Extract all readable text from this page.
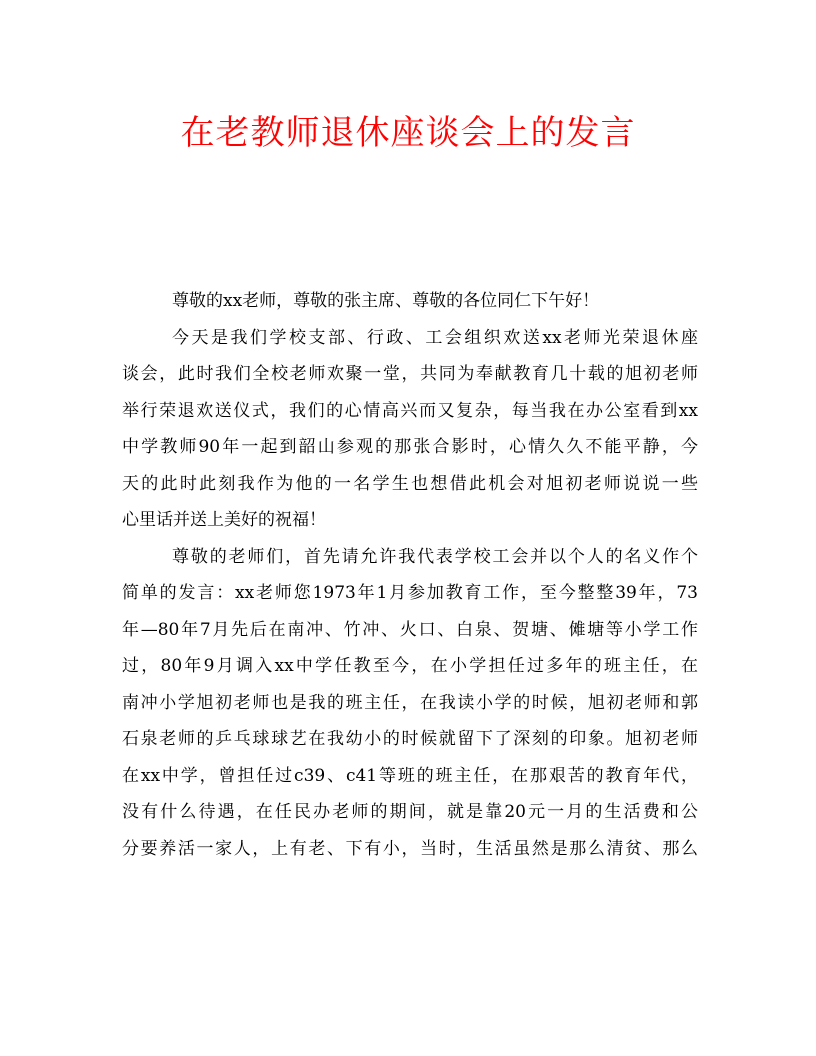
在老教师退休座谈会上的发言
尊敬的xx老师，尊敬的张主席、尊敬的各位同仁下午好！
今天是我们学校支部、行政、工会组织欢送xx老师光荣退休座
谈会，此时我们全校老师欢聚一堂，共同为奉献教育几十载的旭初老师
举行荣退欢送仪式，我们的心情高兴而又复杂，每当我在办公室看到xx
中学教师90年一起到韶山参观的那张合影时，心情久久不能平静，今
天的此时此刻我作为他的一名学生也想借此机会对旭初老师说说一些
心里话并送上美好的祝福！
尊敬的老师们，首先请允许我代表学校工会并以个人的名义作个
简单的发言：xx老师您1973年1月参加教育工作，至今整整39年，73
年—80年7月先后在南冲、竹冲、火口、白泉、贺塘、傩塘等小学工作
过，80年9月调入xx中学任教至今，在小学担任过多年的班主任，在
南冲小学旭初老师也是我的班主任，在我读小学的时候，旭初老师和郭
石泉老师的乒乓球球艺在我幼小的时候就留下了深刻的印象。旭初老师
在xx中学，曾担任过c39、c41等班的班主任，在那艰苦的教育年代，
没有什么待遇，在任民办老师的期间，就是靠20元一月的生活费和公
分要养活一家人，上有老、下有小，当时，生活虽然是那么清贫、那么
